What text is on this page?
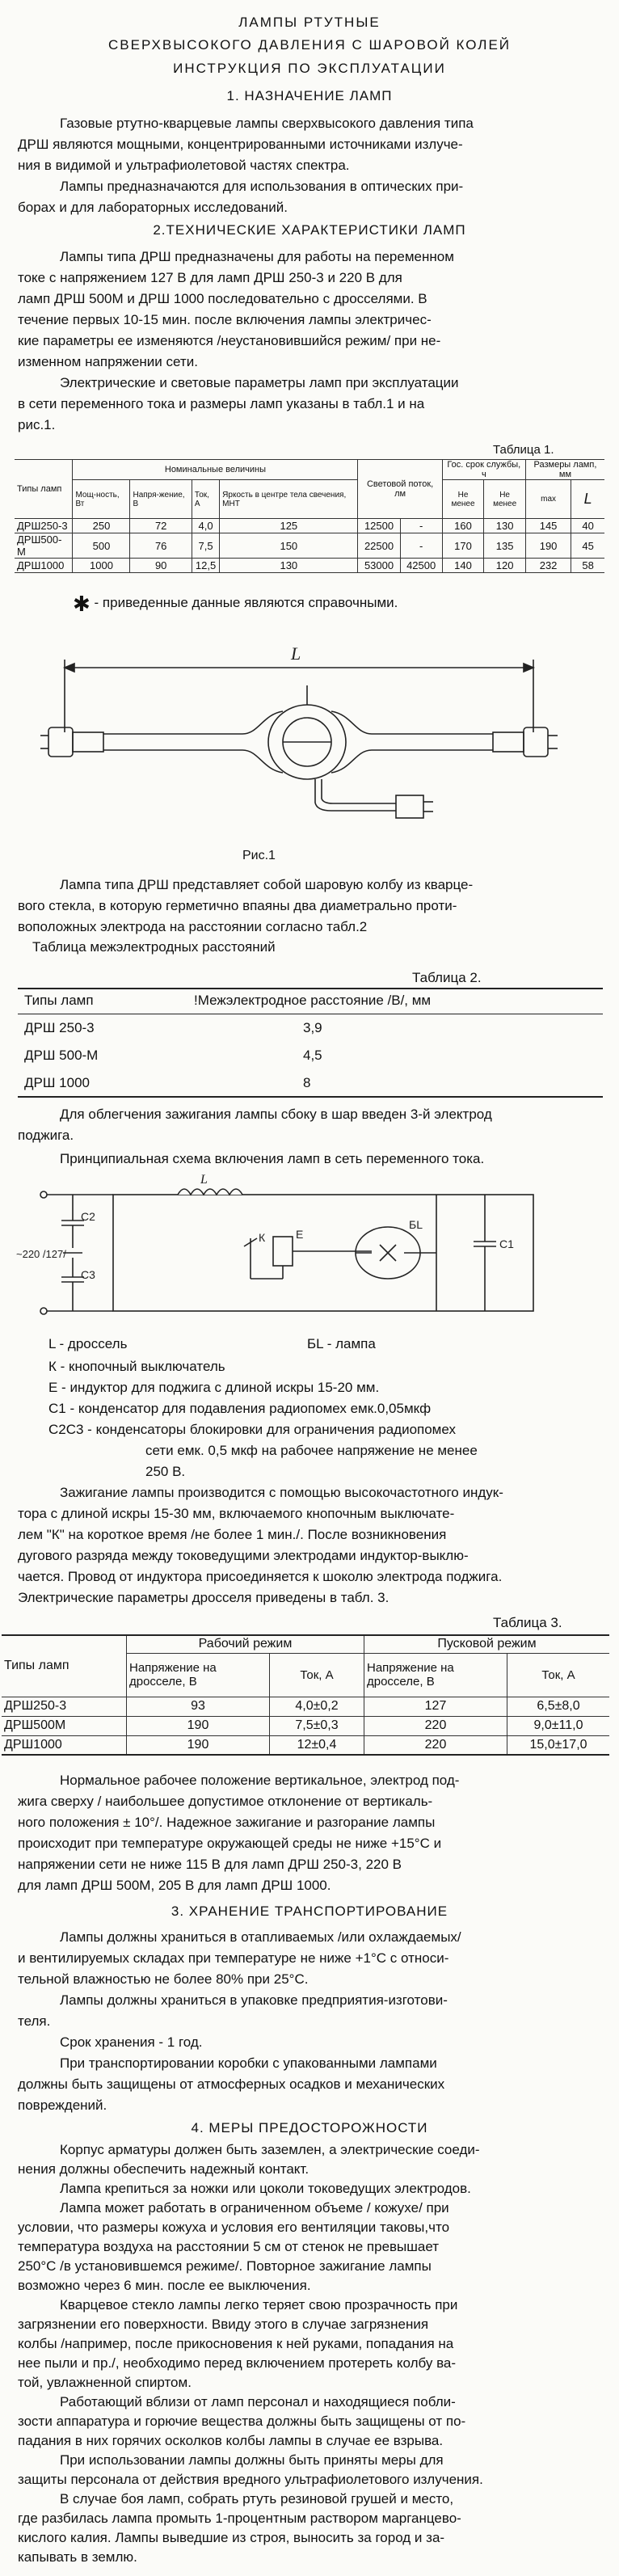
ЛАМПЫ РТУТНЫЕ

СВЕРХВЫСОКОГО ДАВЛЕНИЯ С ШАРОВОЙ КОЛЕЙ

ИНСТРУКЦИЯ ПО ЭКСПЛУАТАЦИИ

1. НАЗНАЧЕНИЕ ЛАМП

Газовые ртутно-кварцевые лампы сверхвысокого давления типа

ДРШ являются мощными, концентрированными источниками излуче-

ния в видимой и ультрафиолетовой частях спектра.

Лампы предназначаются для использования в оптических при-

борах и для лабораторных исследований.

2.ТЕХНИЧЕСКИЕ ХАРАКТЕРИСТИКИ ЛАМП

Лампы типа ДРШ предназначены для работы на переменном

токе с напряжением 127 В для ламп ДРШ 250-3 и 220 В для

ламп ДРШ 500М и ДРШ 1000 последовательно с дросселями. В

течение первых 10-15 мин. после включения лампы электричес-

кие параметры ее изменяются /неустановившийся режим/ при не-

изменном напряжении сети.

Электрические и световые параметры ламп при эксплуатации

в сети переменного тока и размеры ламп указаны в табл.1 и на

рис.1.

Таблица 1.
Типы ламп	Номинальные величины				Световой поток, лм		Гос. срок службы, ч		Размеры ламп, мм	
	Мощ-ность, Вт	Напря-жение, В	Ток, А	Яркость в центре тела свечения, МНТ			Не менее	Не менее	max	L

ДРШ250-3	250	72	4,0	125	12500	-	160	130	145	40
ДРШ500-М	500	76	7,5	150	22500	-	170	135	190	45
ДРШ1000	1000	90	12,5	130	53000	42500	140	120	232	58
✱ - приведенные данные являются справочными.
L
Рис.1

Лампа типа ДРШ представляет собой шаровую колбу из кварце-

вого стекла, в которую герметично впаяны два диаметрально проти-

воположных электрода на расстоянии согласно табл.2

Таблица межэлектродных расстояний
Таблица 2.
Типы ламп	!Межэлектродное расстояние /В/, мм
ДРШ 250-3	3,9
ДРШ 500-М	4,5
ДРШ 1000	8

Для облегчения зажигания лампы сбоку в шар введен 3-й электрод

поджига.

Принципиальная схема включения ламп в сеть переменного тока.
С2
С3
~220 /127/
L
К	Е
БL
С1
L - дроссель	БL - лампа

К - кнопочный выключатель

Е - индуктор для поджига с длиной искры 15-20 мм.

С1 - конденсатор для подавления радиопомех емк.0,05мкф

С2С3 - конденсаторы блокировки для ограничения радиопомех

сети емк. 0,5 мкф на рабочее напряжение не менее

250 В.

Зажигание лампы производится с помощью высокочастотного индук-

тора с длиной искры 15-30 мм, включаемого кнопочным выключате-

лем "К" на короткое время /не более 1 мин./. После возникновения

дугового разряда между токоведущими электродами индуктор-выклю-

чается. Провод от индуктора присоединяется к шоколю электрода поджига.

Электрические параметры дросселя приведены в табл. 3.

Таблица 3.
Типы ламп	Рабочий режим		Пусковой режим	
	Напряжение на дросселе, В	Ток, А	Напряжение на дросселе, В	Ток, А
ДРШ250-3	93	4,0±0,2	127	6,5±8,0
ДРШ500М	190	7,5±0,3	220	9,0±11,0
ДРШ1000	190	12±0,4	220	15,0±17,0

Нормальное рабочее положение вертикальное, электрод под-

жига сверху / наибольшее допустимое отклонение от вертикаль-

ного положения ± 10°/. Надежное зажигание и разгорание лампы

происходит при температуре окружающей среды не ниже +15°С и

напряжении сети не ниже 115 В для ламп ДРШ 250-3, 220 В

для ламп ДРШ 500М, 205 В для ламп ДРШ 1000.

3. ХРАНЕНИЕ ТРАНСПОРТИРОВАНИЕ

Лампы должны храниться в отапливаемых /или охлаждаемых/

и вентилируемых складах при температуре не ниже +1°С с относи-

тельной влажностью не более 80% при 25°С.

Лампы должны храниться в упаковке предприятия-изготови-

теля.

Срок хранения - 1 год.

При транспортировании коробки с упакованными лампами

должны быть защищены от атмосферных осадков и механических

повреждений.

4. МЕРЫ ПРЕДОСТОРОЖНОСТИ

Корпус арматуры должен быть заземлен, а электрические соеди-

нения должны обеспечить надежный контакт.

Лампа крепиться за ножки или цоколи токоведущих электродов.

Лампа может работать в ограниченном объеме / кожухе/ при

условии, что размеры кожуха и условия его вентиляции таковы,что

температура воздуха на расстоянии 5 см от стенок не превышает

250°С /в установившемся режиме/. Повторное зажигание лампы

возможно через 6 мин. после ее выключения.

Кварцевое стекло лампы легко теряет свою прозрачность при

загрязнении его поверхности. Ввиду этого в случае загрязнения

колбы /например, после прикосновения к ней руками, попадания на

нее пыли и пр./, необходимо перед включением протереть колбу ва-

той, увлажненной спиртом.

Работающий вблизи от ламп персонал и находящиеся побли-

зости аппаратура и горючие вещества должны быть защищены от по-

падания в них горячих осколков колбы лампы в случае ее взрыва.

При использовании лампы должны быть приняты меры для

защиты персонала от действия вредного ультрафиолетового излучения.

В случае боя ламп, собрать ртуть резиновой грушей и место,

где разбилась лампа промыть 1-процентным раствором марганцево-

кислого калия. Лампы выведшие из строя, выносить за город и за-

капывать в землю.
